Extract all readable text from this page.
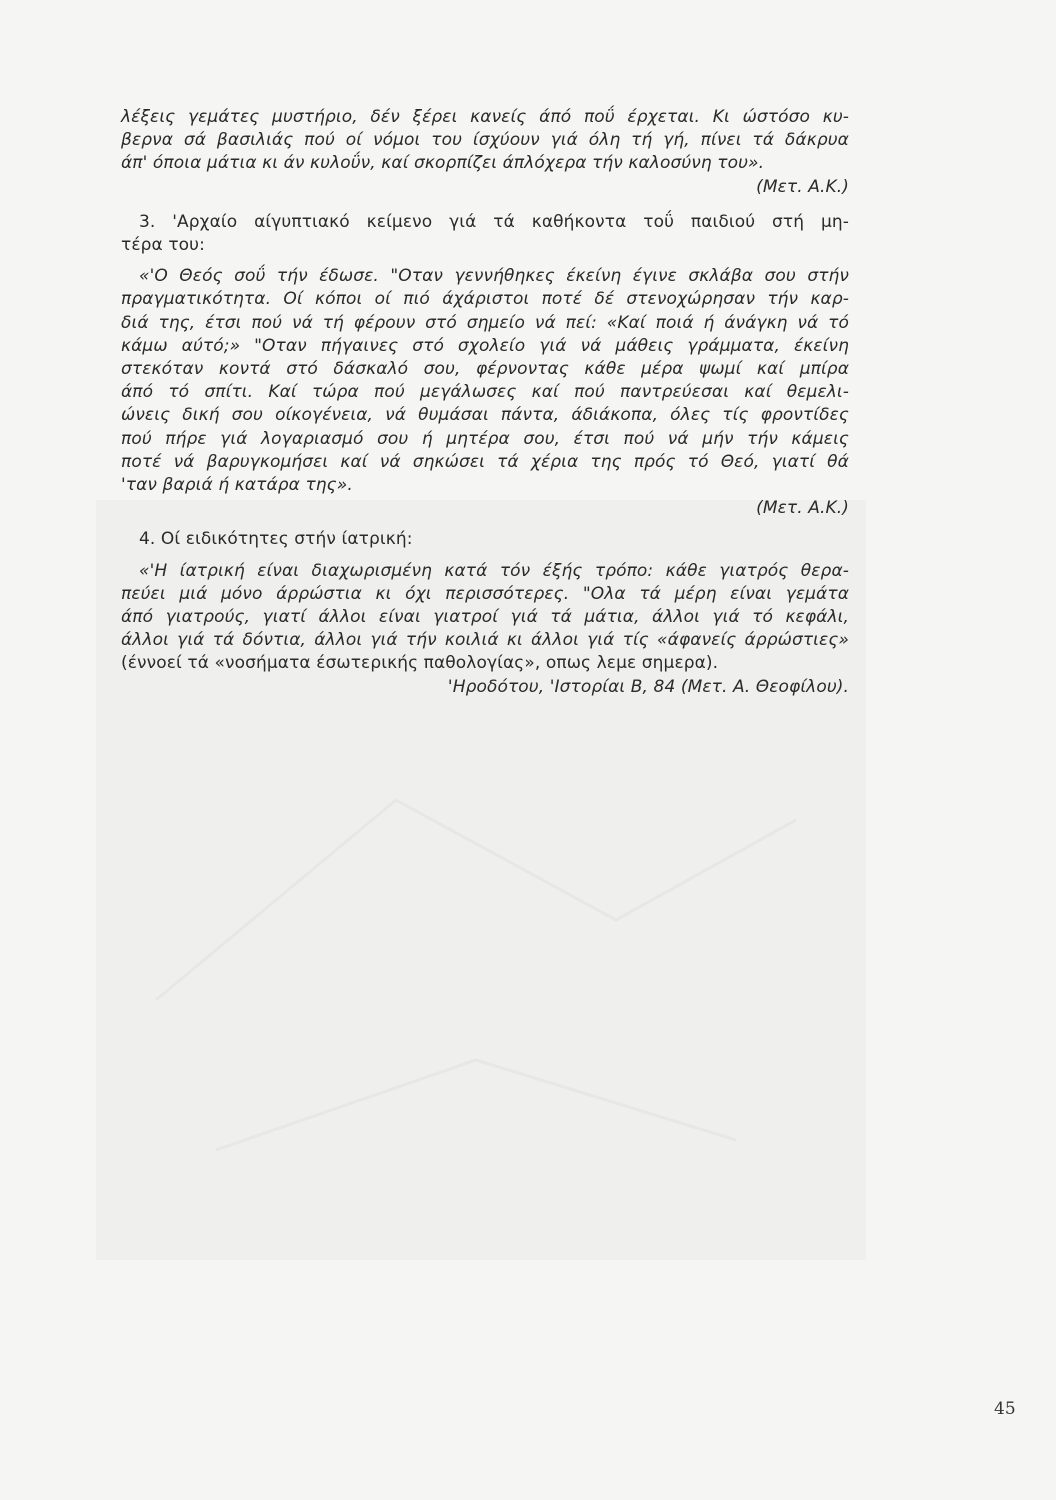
λέξεις γεμάτες μυστήριο, δέν ξέρει κανείς άπό ποΰ έρχεται. Κι ώστόσο κυ-
βερνα σά βασιλιάς πού οί νόμοι του ίσχύουν γιά όλη τή γή, πίνει τά δάκρυα
άπ' όποια μάτια κι άν κυλοΰν, καί σκορπίζει άπλόχερα τήν καλοσύνη του».
(Μετ. Α.Κ.)
3. 'Αρχαίο αίγυπτιακό κείμενο γιά τά καθήκοντα τοΰ παιδιού στή μη-
τέρα του:
«'Ο Θεός σοΰ τήν έδωσε. "Οταν γεννήθηκες έκείνη έγινε σκλάβα σου στήν
πραγματικότητα. Οί κόποι οί πιό άχάριστοι ποτέ δέ στενοχώρησαν τήν καρ-
διά της, έτσι πού νά τή φέρουν στό σημείο νά πεί: «Καί ποιά ή άνάγκη νά τό
κάμω αύτό;» "Οταν πήγαινες στό σχολείο γιά νά μάθεις γράμματα, έκείνη
στεκόταν κοντά στό δάσκαλό σου, φέρνοντας κάθε μέρα ψωμί καί μπίρα
άπό τό σπίτι. Καί τώρα πού μεγάλωσες καί πού παντρεύεσαι καί θεμελι-
ώνεις δική σου οίκογένεια, νά θυμάσαι πάντα, άδιάκοπα, όλες τίς φροντίδες
πού πήρε γιά λογαριασμό σου ή μητέρα σου, έτσι πού νά μήν τήν κάμεις
ποτέ νά βαρυγκομήσει καί νά σηκώσει τά χέρια της πρός τό Θεό, γιατί θά
'ταν βαριά ή κατάρα της».
(Μετ. Α.Κ.)
4. Οί ειδικότητες στήν ίατρική:
«'Η ίατρική είναι διαχωρισμένη κατά τόν έξής τρόπο: κάθε γιατρός θερα-
πεύει μιά μόνο άρρώστια κι όχι περισσότερες. "Ολα τά μέρη είναι γεμάτα
άπό γιατρούς, γιατί άλλοι είναι γιατροί γιά τά μάτια, άλλοι γιά τό κεφάλι,
άλλοι γιά τά δόντια, άλλοι γιά τήν κοιλιά κι άλλοι γιά τίς «άφανείς άρρώστιες»
(έννοεί τά «νοσήματα έσωτερικής παθολογίας», οπως λεμε σημερα).
'Ηροδότου, 'Ιστορίαι Β, 84 (Μετ. Α. Θεοφίλου).
45
